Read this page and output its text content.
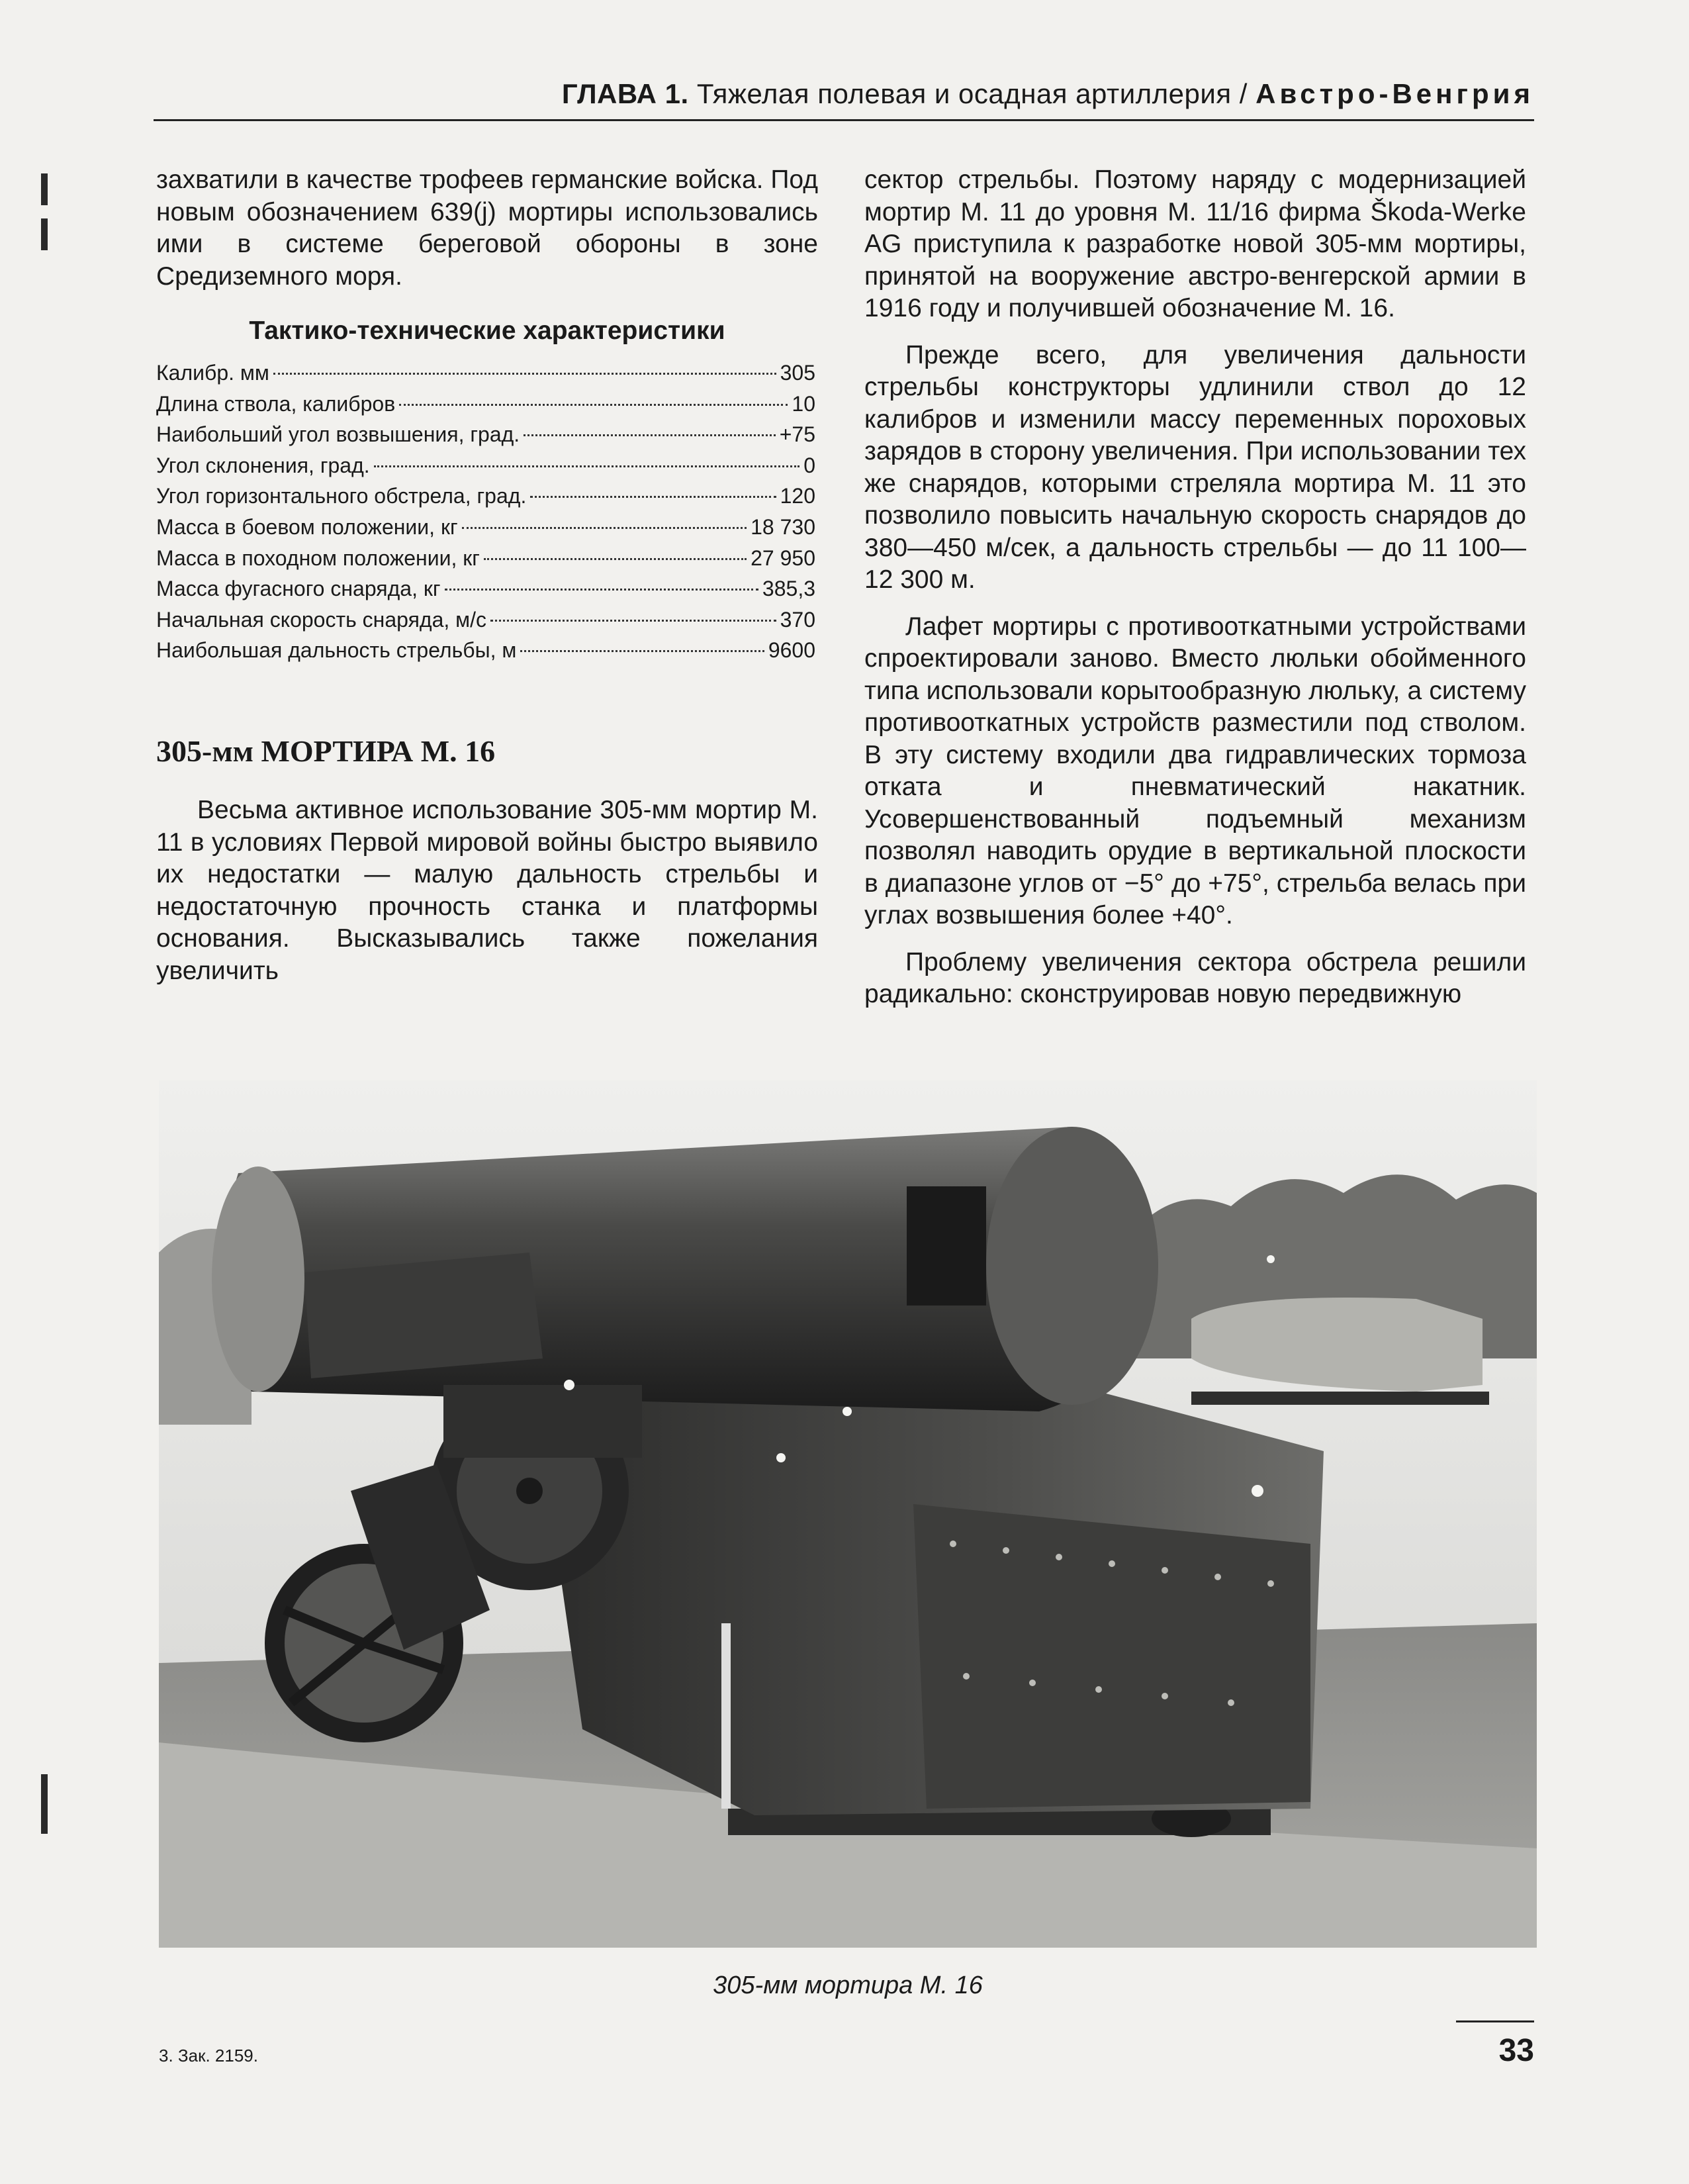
ГЛАВА 1. Тяжелая полевая и осадная артиллерия / Австро-Венгрия

захватили в качестве трофеев германские войска. Под новым обозначением 639(j) мортиры использовались ими в системе береговой обороны в зоне Средиземного моря.

Тактико-технические характеристики
Калибр. мм	305
Длина ствола, калибров	10
Наибольший угол возвышения, град.	+75
Угол склонения, град.	0
Угол горизонтального обстрела, град.	120
Масса в боевом положении, кг	18 730
Масса в походном положении, кг	27 950
Масса фугасного снаряда, кг	385,3
Начальная скорость снаряда, м/с	370
Наибольшая дальность стрельбы, м	9600
305-мм МОРТИРА М. 16

Весьма активное использование 305-мм мортир М. 11 в условиях Первой мировой войны быстро выявило их недостатки — малую дальность стрельбы и недостаточную прочность станка и платформы основания. Высказывались также пожелания увеличить

сектор стрельбы. Поэтому наряду с модернизацией мортир М. 11 до уровня М. 11/16 фирма Škoda-Werke AG приступила к разработке новой 305-мм мортиры, принятой на вооружение австро-венгерской армии в 1916 году и получившей обозначение М. 16.

Прежде всего, для увеличения дальности стрельбы конструкторы удлинили ствол до 12 калибров и изменили массу переменных пороховых зарядов в сторону увеличения. При использовании тех же снарядов, которыми стреляла мортира М. 11 это позволило повысить начальную скорость снарядов до 380—450 м/сек, а дальность стрельбы — до 11 100—12 300 м.

Лафет мортиры с противооткатными устройствами спроектировали заново. Вместо люльки обойменного типа использовали корытообразную люльку, а систему противооткатных устройств разместили под стволом. В эту систему входили два гидравлических тормоза отката и пневматический накатник. Усовершенствованный подъемный механизм позволял наводить орудие в вертикальной плоскости в диапазоне углов от −5° до +75°, стрельба велась при углах возвышения более +40°.

Проблему увеличения сектора обстрела решили радикально: сконструировав новую передвижную

305-мм мортира М. 16
3. Зак. 2159.	33
